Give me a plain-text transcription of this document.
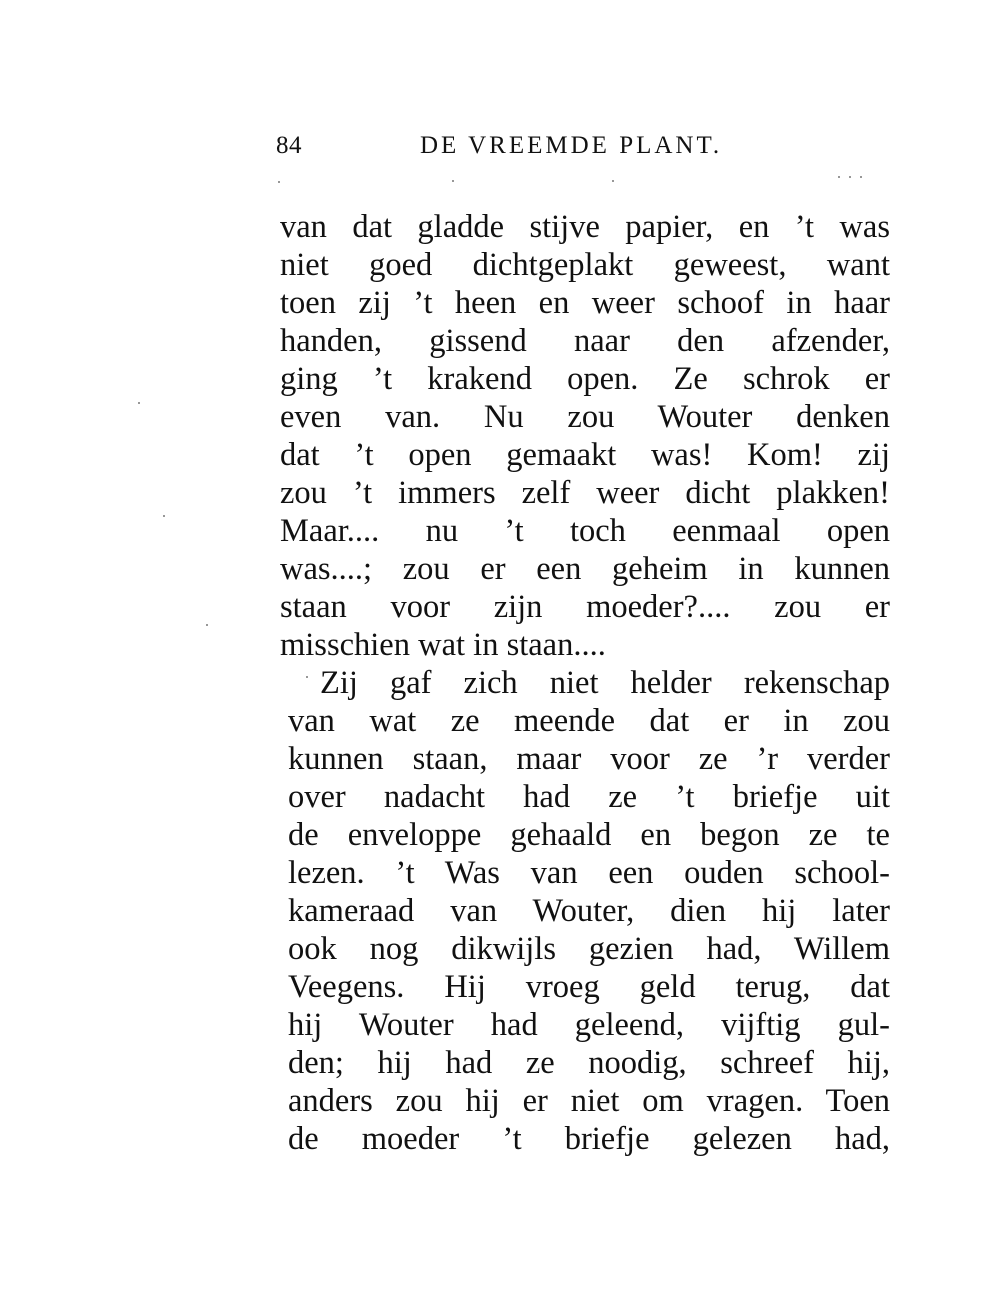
84	DE VREEMDE PLANT.
van dat gladde stijve papier, en ’t was
niet goed dichtgeplakt geweest, want
toen zij ’t heen en weer schoof in haar
handen, gissend naar den afzender,
ging ’t krakend open. Ze schrok er
even van. Nu zou Wouter denken
dat ’t open gemaakt was! Kom! zij
zou ’t immers zelf weer dicht plakken!
Maar.... nu ’t toch eenmaal open
was....; zou er een geheim in kunnen
staan voor zijn moeder?.... zou er
misschien wat in staan....
Zij gaf zich niet helder rekenschap
van wat ze meende dat er in zou
kunnen staan, maar voor ze ’r verder
over nadacht had ze ’t briefje uit
de enveloppe gehaald en begon ze te
lezen. ’t Was van een ouden school-
kameraad van Wouter, dien hij later
ook nog dikwijls gezien had, Willem
Veegens. Hij vroeg geld terug, dat
hij Wouter had geleend, vijftig gul-
den; hij had ze noodig, schreef hij,
anders zou hij er niet om vragen. Toen
de moeder ’t briefje gelezen had,
